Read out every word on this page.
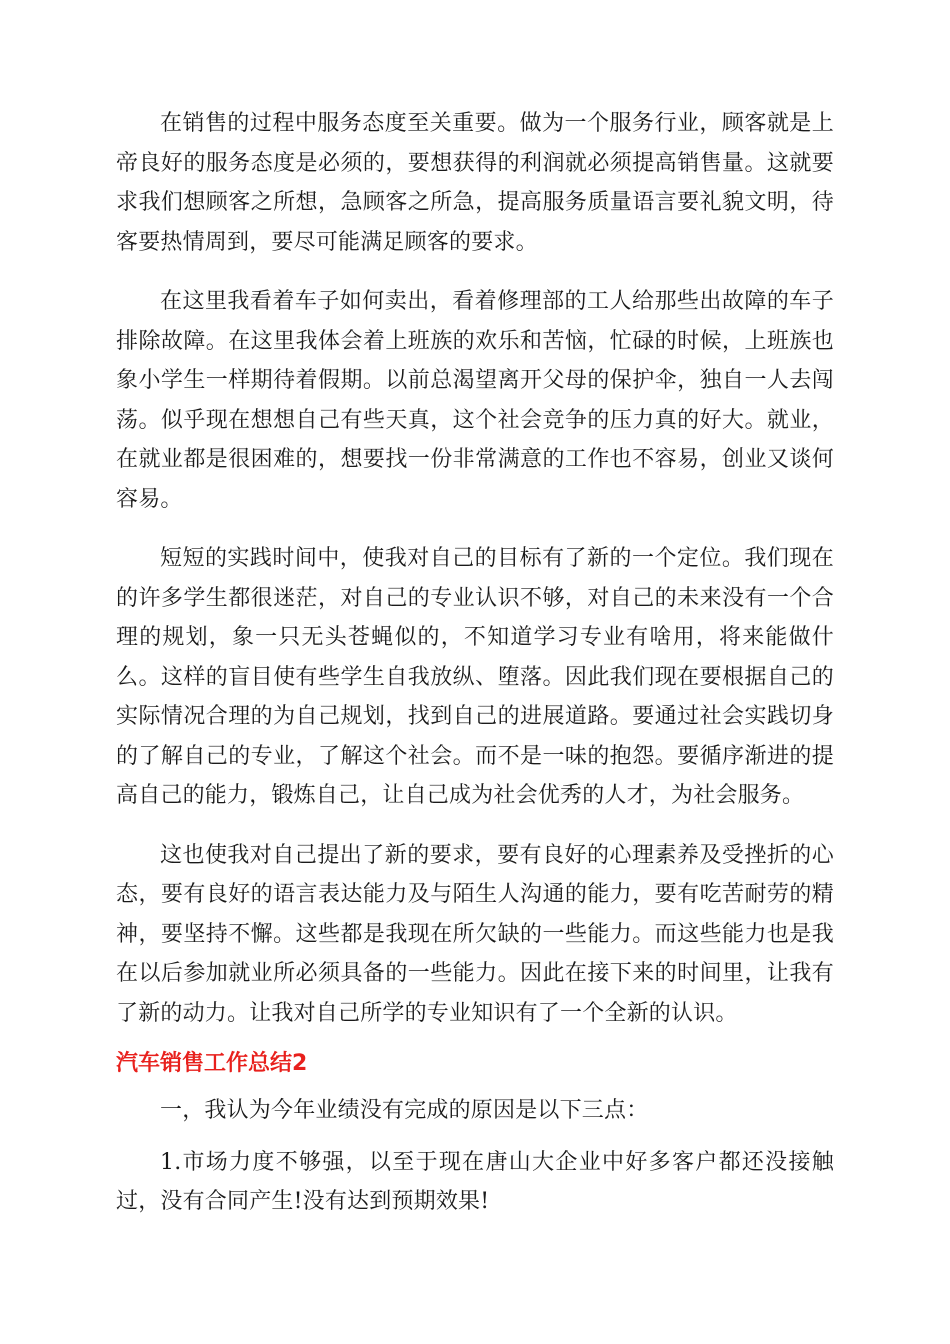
在销售的过程中服务态度至关重要。做为一个服务行业，顾客就是上帝良好的服务态度是必须的，要想获得的利润就必须提高销售量。这就要求我们想顾客之所想，急顾客之所急，提高服务质量语言要礼貌文明，待客要热情周到，要尽可能满足顾客的要求。

在这里我看着车子如何卖出，看着修理部的工人给那些出故障的车子排除故障。在这里我体会着上班族的欢乐和苦恼，忙碌的时候，上班族也象小学生一样期待着假期。以前总渴望离开父母的保护伞，独自一人去闯荡。似乎现在想想自己有些天真，这个社会竞争的压力真的好大。就业，在就业都是很困难的，想要找一份非常满意的工作也不容易，创业又谈何容易。

短短的实践时间中，使我对自己的目标有了新的一个定位。我们现在的许多学生都很迷茫，对自己的专业认识不够，对自己的未来没有一个合理的规划，象一只无头苍蝇似的，不知道学习专业有啥用，将来能做什么。这样的盲目使有些学生自我放纵、堕落。因此我们现在要根据自己的实际情况合理的为自己规划，找到自己的进展道路。要通过社会实践切身的了解自己的专业，了解这个社会。而不是一味的抱怨。要循序渐进的提高自己的能力，锻炼自己，让自己成为社会优秀的人才，为社会服务。

这也使我对自己提出了新的要求，要有良好的心理素养及受挫折的心态，要有良好的语言表达能力及与陌生人沟通的能力，要有吃苦耐劳的精神，要坚持不懈。这些都是我现在所欠缺的一些能力。而这些能力也是我在以后参加就业所必须具备的一些能力。因此在接下来的时间里，让我有了新的动力。让我对自己所学的专业知识有了一个全新的认识。

汽车销售工作总结2

一，我认为今年业绩没有完成的原因是以下三点：

1.市场力度不够强，以至于现在唐山大企业中好多客户都还没接触过，没有合同产生!没有达到预期效果!
